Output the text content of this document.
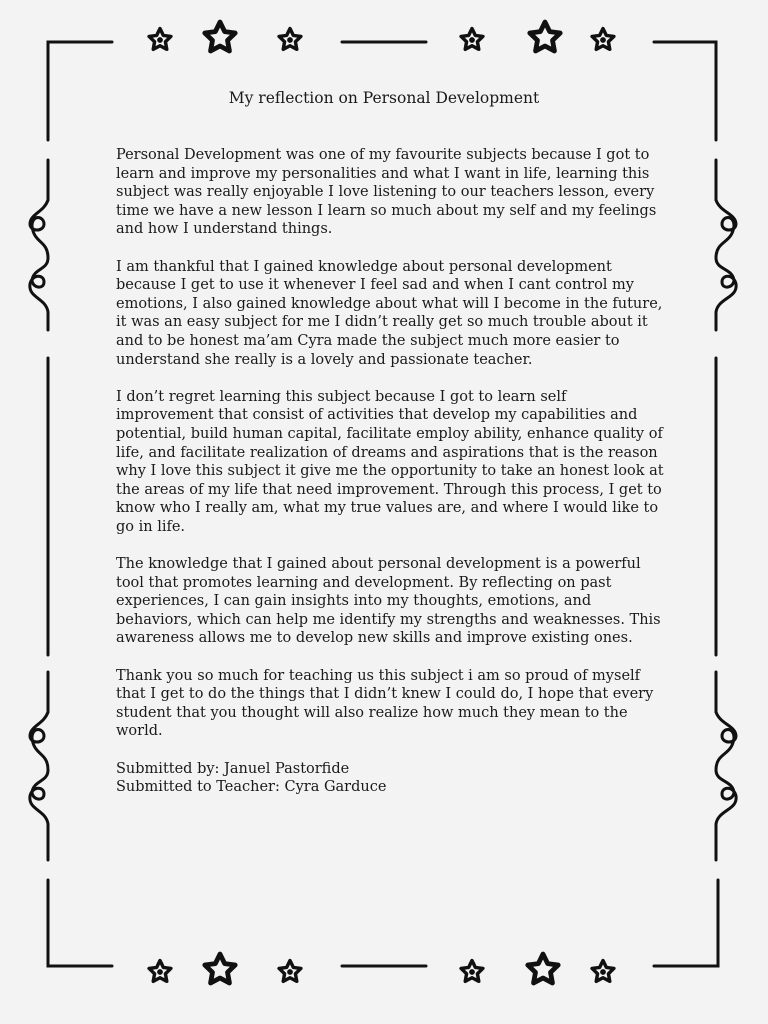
My reflection on Personal Development

Personal Development was one of my favourite subjects because I got to learn and improve my personalities and what I want in life, learning this subject was really enjoyable I love listening to our teachers lesson, every time we have a new lesson I learn so much about my self and my feelings and how I understand things.

I am thankful that I gained knowledge about personal development because I get to use it whenever I feel sad and when I cant control my emotions, I also gained knowledge about what will I become in the future, it was an easy subject for me I didn’t really get so much trouble about it and to be honest ma’am Cyra made the subject much more easier to understand she really is a lovely and passionate teacher.

I don’t regret learning this subject because I got to learn self improvement that consist of activities that develop my capabilities and potential, build human capital, facilitate employ ability, enhance quality of life, and facilitate realization of dreams and aspirations that is the reason why I love this subject it give me the opportunity to take an honest look at the areas of my life that need improvement. Through this process, I get to know who I really am, what my true values are, and where I would like to go in life.

The knowledge that I gained about personal development is a powerful tool that promotes learning and development. By reflecting on past experiences, I can gain insights into my thoughts, emotions, and behaviors, which can help me identify my strengths and weaknesses. This awareness allows me to develop new skills and improve existing ones.

Thank you so much for teaching us this subject i am so proud of myself that I get to do the things that I didn’t knew I could do, I hope that every student that you thought will also realize how much they mean to the world.

Submitted by: Januel Pastorfide

Submitted to Teacher: Cyra Garduce
